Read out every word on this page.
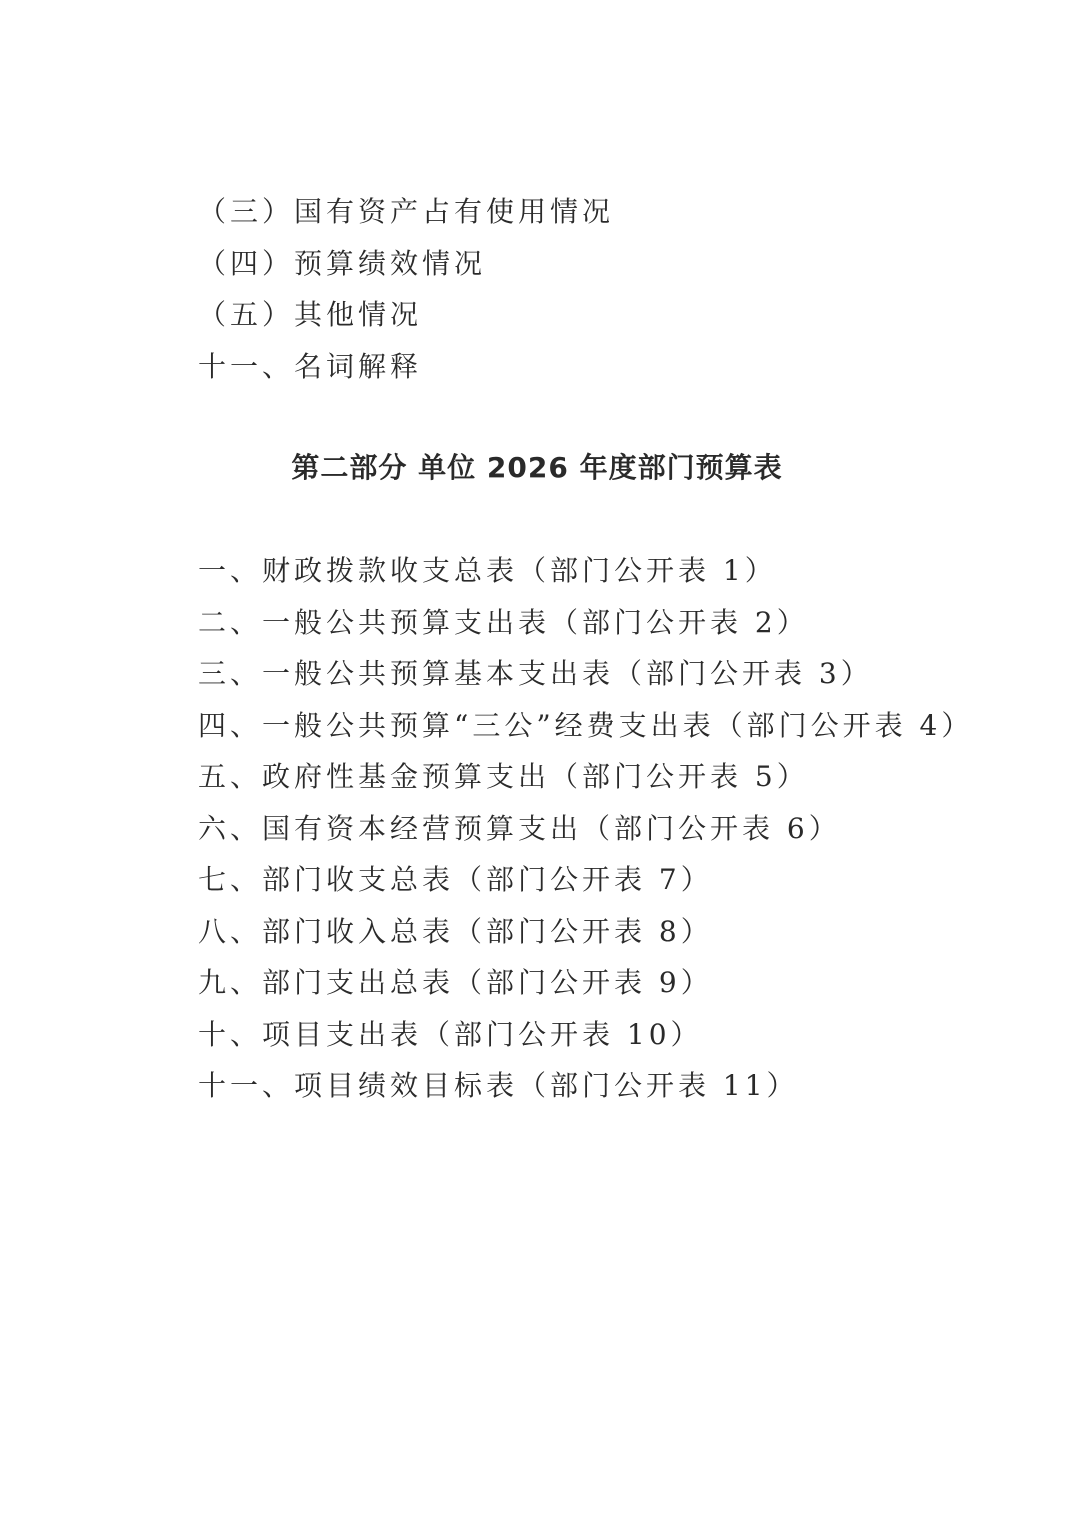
（三）国有资产占有使用情况
（四）预算绩效情况
（五）其他情况
十一、名词解释
第二部分 单位 2026 年度部门预算表
一、财政拨款收支总表（部门公开表 1）
二、一般公共预算支出表（部门公开表 2）
三、一般公共预算基本支出表（部门公开表 3）
四、一般公共预算“三公”经费支出表（部门公开表 4）
五、政府性基金预算支出（部门公开表 5）
六、国有资本经营预算支出（部门公开表 6）
七、部门收支总表（部门公开表 7）
八、部门收入总表（部门公开表 8）
九、部门支出总表（部门公开表 9）
十、项目支出表（部门公开表 10）
十一、项目绩效目标表（部门公开表 11）
